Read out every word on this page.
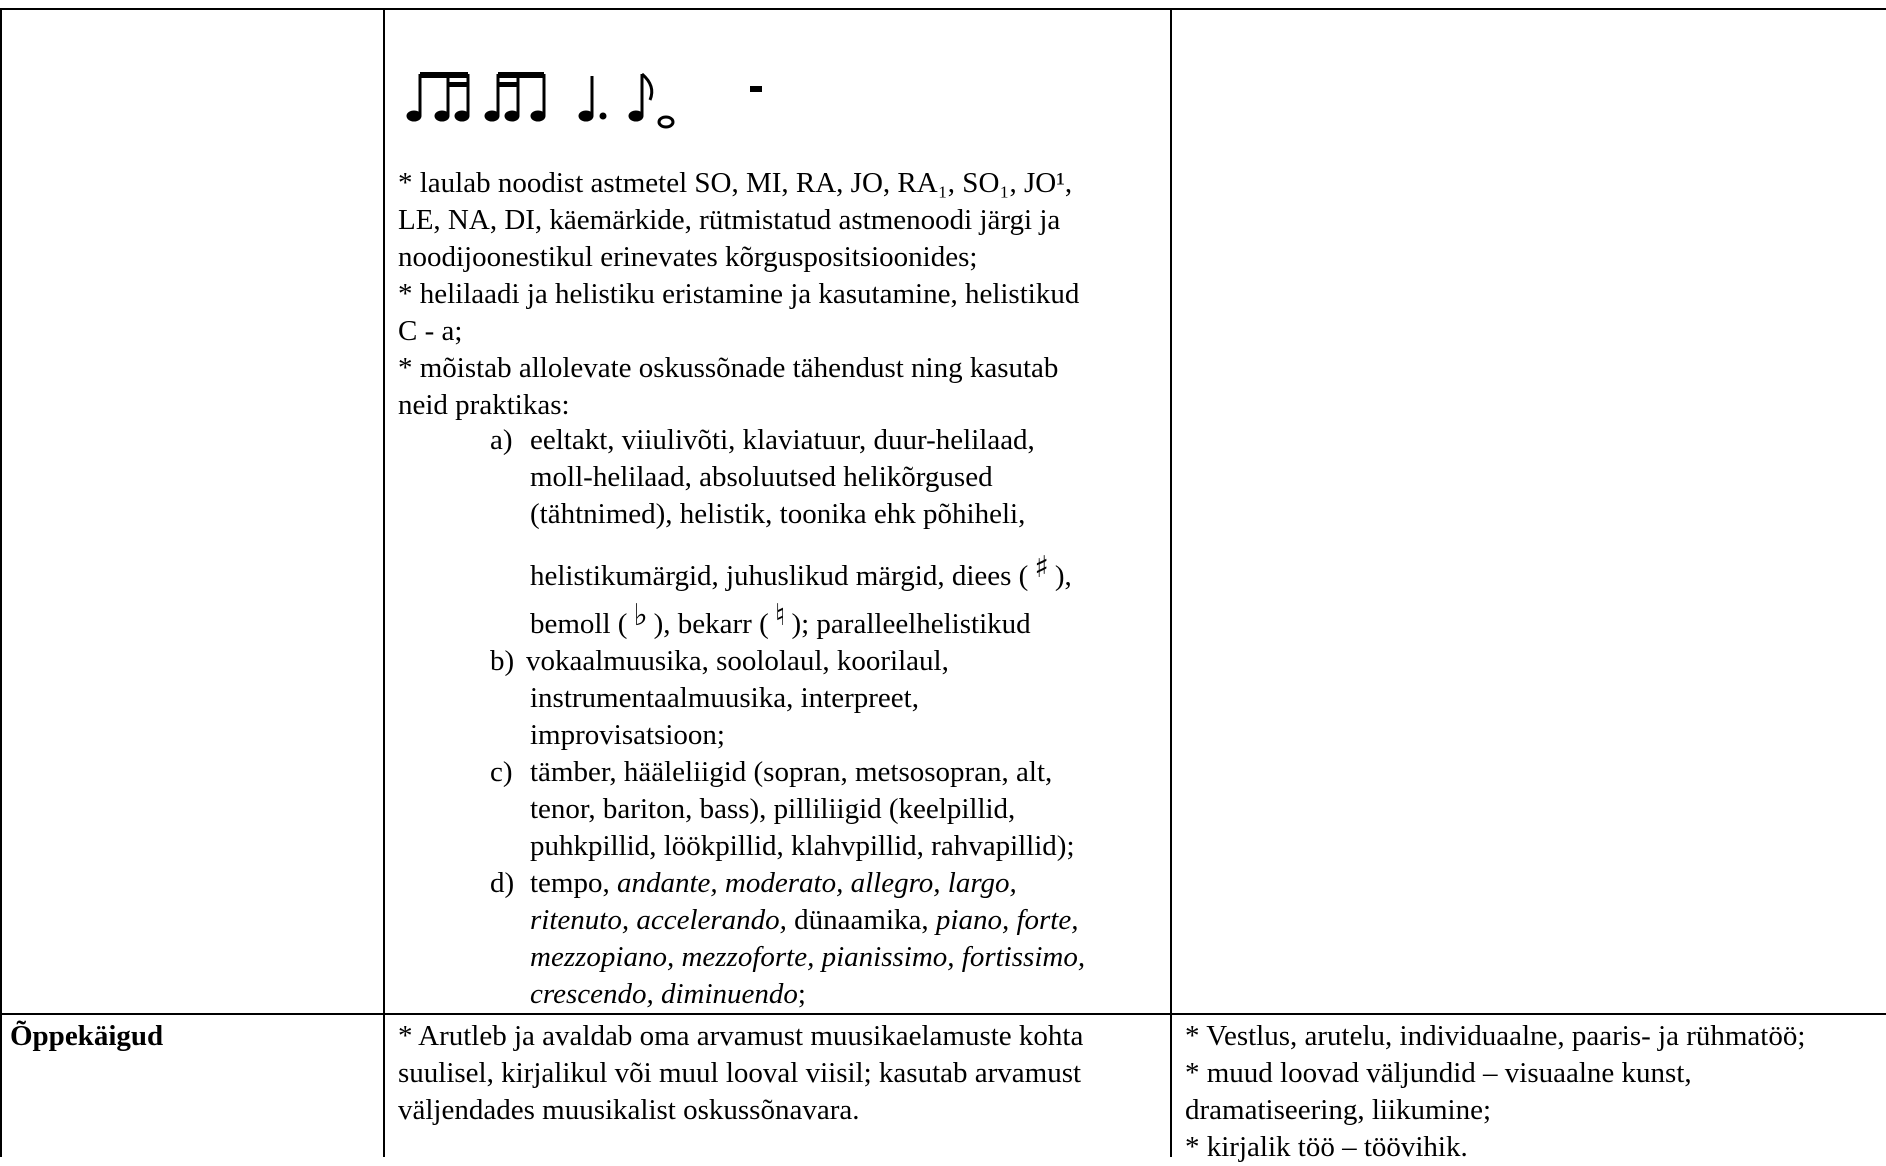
* laulab noodist astmetel SO, MI, RA, JO, RA₁, SO₁, JO¹,
LE, NA, DI, käemärkide, rütmistatud astmenoodi järgi ja
noodijoonestikul erinevates kõrguspositsioonides;
* helilaadi ja helistiku eristamine ja kasutamine, helistikud
C - a;
* mõistab allolevate oskussõnade tähendust ning kasutab
neid praktikas:
a) eeltakt, viiulivõti, klaviatuur, duur-helilaad,
moll-helilaad, absoluutsed helikõrgused
(tähtnimed), helistik, toonika ehk põhiheli,
helistikumärgid, juhuslikud märgid, diees ( ♯ ),
bemoll ( ♭ ), bekarr ( ♮ ); paralleelhelistikud
b) vokaalmuusika, soololaul, koorilaul,
instrumentaalmuusika, interpreet,
improvisatsioon;
c) tämber, hääleliigid (sopran, metsosopran, alt,
tenor, bariton, bass), pilliliigid (keelpillid,
puhkpillid, löökpillid, klahvpillid, rahvapillid);
d) tempo, andante, moderato, allegro, largo,
ritenuto, accelerando, dünaamika, piano, forte,
mezzopiano, mezzoforte, pianissimo, fortissimo,
crescendo, diminuendo;
Õppekäigud	* Arutleb ja avaldab oma arvamust muusikaelamuste kohta
suulisel, kirjalikul või muul looval viisil; kasutab arvamust
väljendades muusikalist oskussõnavara.
* Vestlus, arutelu, individuaalne, paaris- ja rühmatöö;
* muud loovad väljundid – visuaalne kunst,
dramatiseering, liikumine;
* kirjalik töö – töövihik.
